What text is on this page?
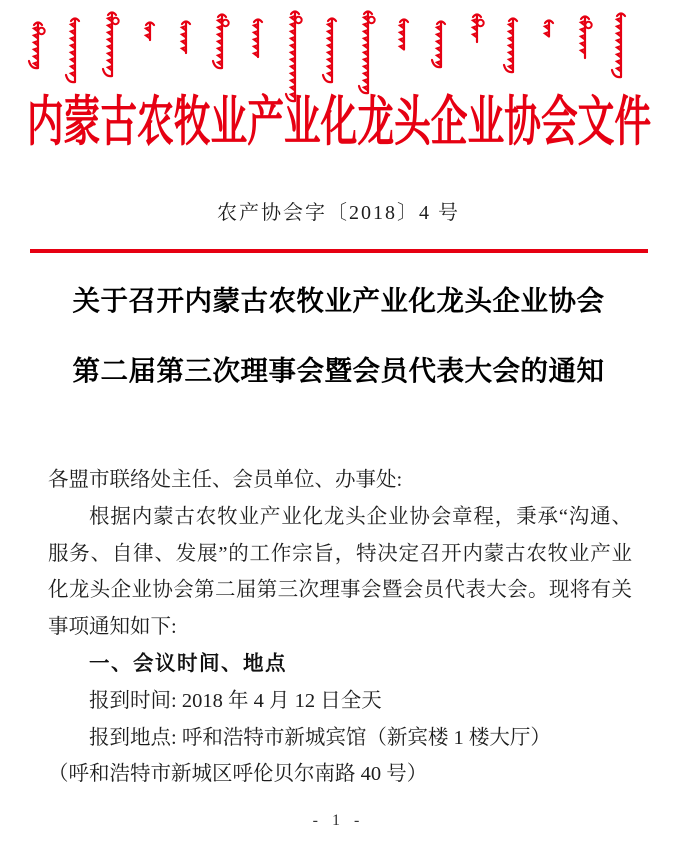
内蒙古农牧业产业化龙头企业协会文件
农产协会字〔2018〕4 号
关于召开内蒙古农牧业产业化龙头企业协会
第二届第三次理事会暨会员代表大会的通知
各盟市联络处主任、会员单位、办事处:
根据内蒙古农牧业产业化龙头企业协会章程，秉承“沟通、
服务、自律、发展”的工作宗旨，特决定召开内蒙古农牧业产业
化龙头企业协会第二届第三次理事会暨会员代表大会。现将有关
事项通知如下:
一、会议时间、地点
报到时间: 2018 年 4 月 12 日全天
报到地点: 呼和浩特市新城宾馆（新宾楼 1 楼大厅）
（呼和浩特市新城区呼伦贝尔南路 40 号）
- 1 -
